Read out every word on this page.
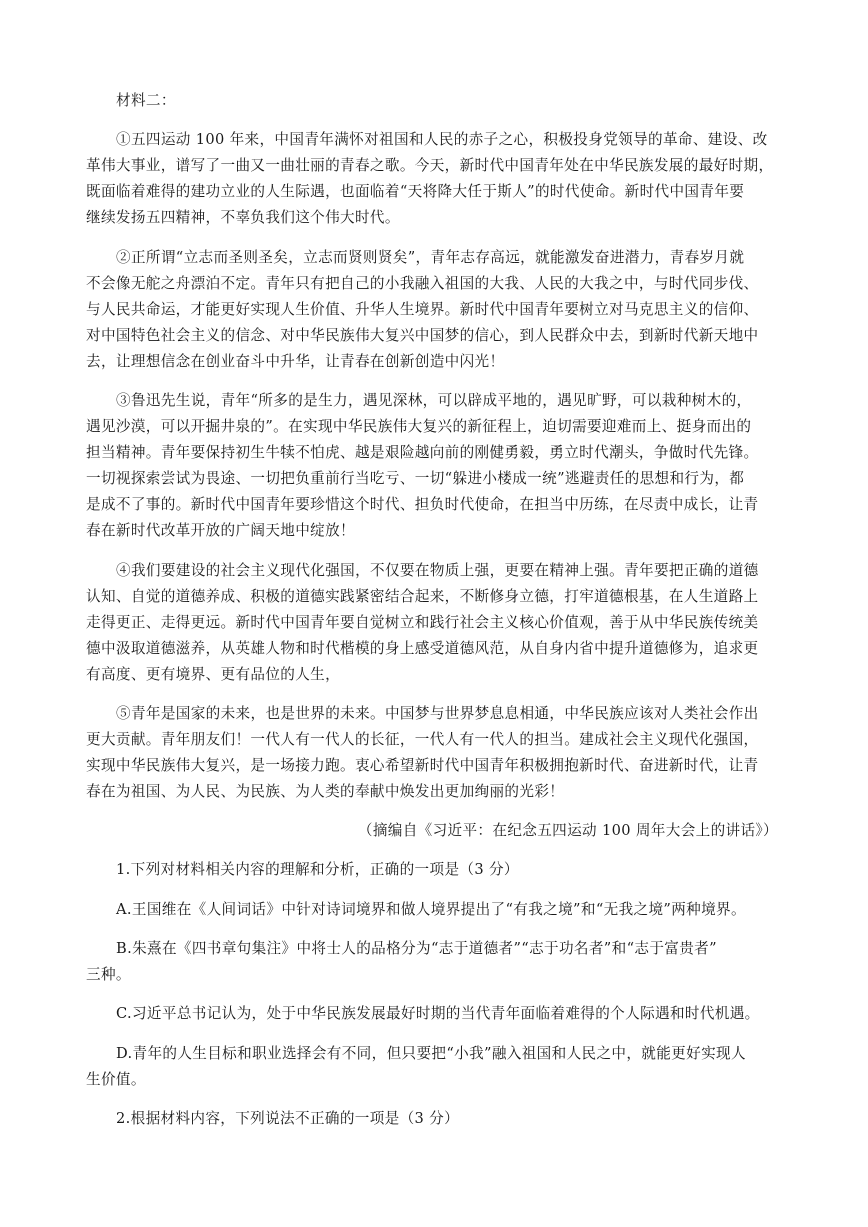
材料二：
①五四运动 100 年来，中国青年满怀对祖国和人民的赤子之心，积极投身党领导的革命、建设、改
革伟大事业，谱写了一曲又一曲壮丽的青春之歌。今天，新时代中国青年处在中华民族发展的最好时期，
既面临着难得的建功立业的人生际遇，也面临着“天将降大任于斯人”的时代使命。新时代中国青年要
继续发扬五四精神，不辜负我们这个伟大时代。
②正所谓“立志而圣则圣矣，立志而贤则贤矣”，青年志存高远，就能激发奋进潜力，青春岁月就
不会像无舵之舟漂泊不定。青年只有把自己的小我融入祖国的大我、人民的大我之中，与时代同步伐、
与人民共命运，才能更好实现人生价值、升华人生境界。新时代中国青年要树立对马克思主义的信仰、
对中国特色社会主义的信念、对中华民族伟大复兴中国梦的信心，到人民群众中去，到新时代新天地中
去，让理想信念在创业奋斗中升华，让青春在创新创造中闪光！
③鲁迅先生说，青年“所多的是生力，遇见深林，可以辟成平地的，遇见旷野，可以栽种树木的，
遇见沙漠，可以开掘井泉的”。在实现中华民族伟大复兴的新征程上，迫切需要迎难而上、挺身而出的
担当精神。青年要保持初生牛犊不怕虎、越是艰险越向前的刚健勇毅，勇立时代潮头，争做时代先锋。
一切视探索尝试为畏途、一切把负重前行当吃亏、一切“躲进小楼成一统”逃避责任的思想和行为，都
是成不了事的。新时代中国青年要珍惜这个时代、担负时代使命，在担当中历练，在尽责中成长，让青
春在新时代改革开放的广阔天地中绽放！
④我们要建设的社会主义现代化强国，不仅要在物质上强，更要在精神上强。青年要把正确的道德
认知、自觉的道德养成、积极的道德实践紧密结合起来，不断修身立德，打牢道德根基，在人生道路上
走得更正、走得更远。新时代中国青年要自觉树立和践行社会主义核心价值观，善于从中华民族传统美
德中汲取道德滋养，从英雄人物和时代楷模的身上感受道德风范，从自身内省中提升道德修为，追求更
有高度、更有境界、更有品位的人生，
⑤青年是国家的未来，也是世界的未来。中国梦与世界梦息息相通，中华民族应该对人类社会作出
更大贡献。青年朋友们！一代人有一代人的长征，一代人有一代人的担当。建成社会主义现代化强国，
实现中华民族伟大复兴，是一场接力跑。衷心希望新时代中国青年积极拥抱新时代、奋进新时代，让青
春在为祖国、为人民、为民族、为人类的奉献中焕发出更加绚丽的光彩！
（摘编自《习近平：在纪念五四运动 100 周年大会上的讲话》）
1.下列对材料相关内容的理解和分析，正确的一项是（3 分）
A.王国维在《人间词话》中针对诗词境界和做人境界提出了“有我之境”和“无我之境”两种境界。
B.朱熹在《四书章句集注》中将士人的品格分为“志于道德者”“志于功名者”和“志于富贵者”
三种。
C.习近平总书记认为，处于中华民族发展最好时期的当代青年面临着难得的个人际遇和时代机遇。
D.青年的人生目标和职业选择会有不同，但只要把“小我”融入祖国和人民之中，就能更好实现人
生价值。
2.根据材料内容，下列说法不正确的一项是（3 分）
